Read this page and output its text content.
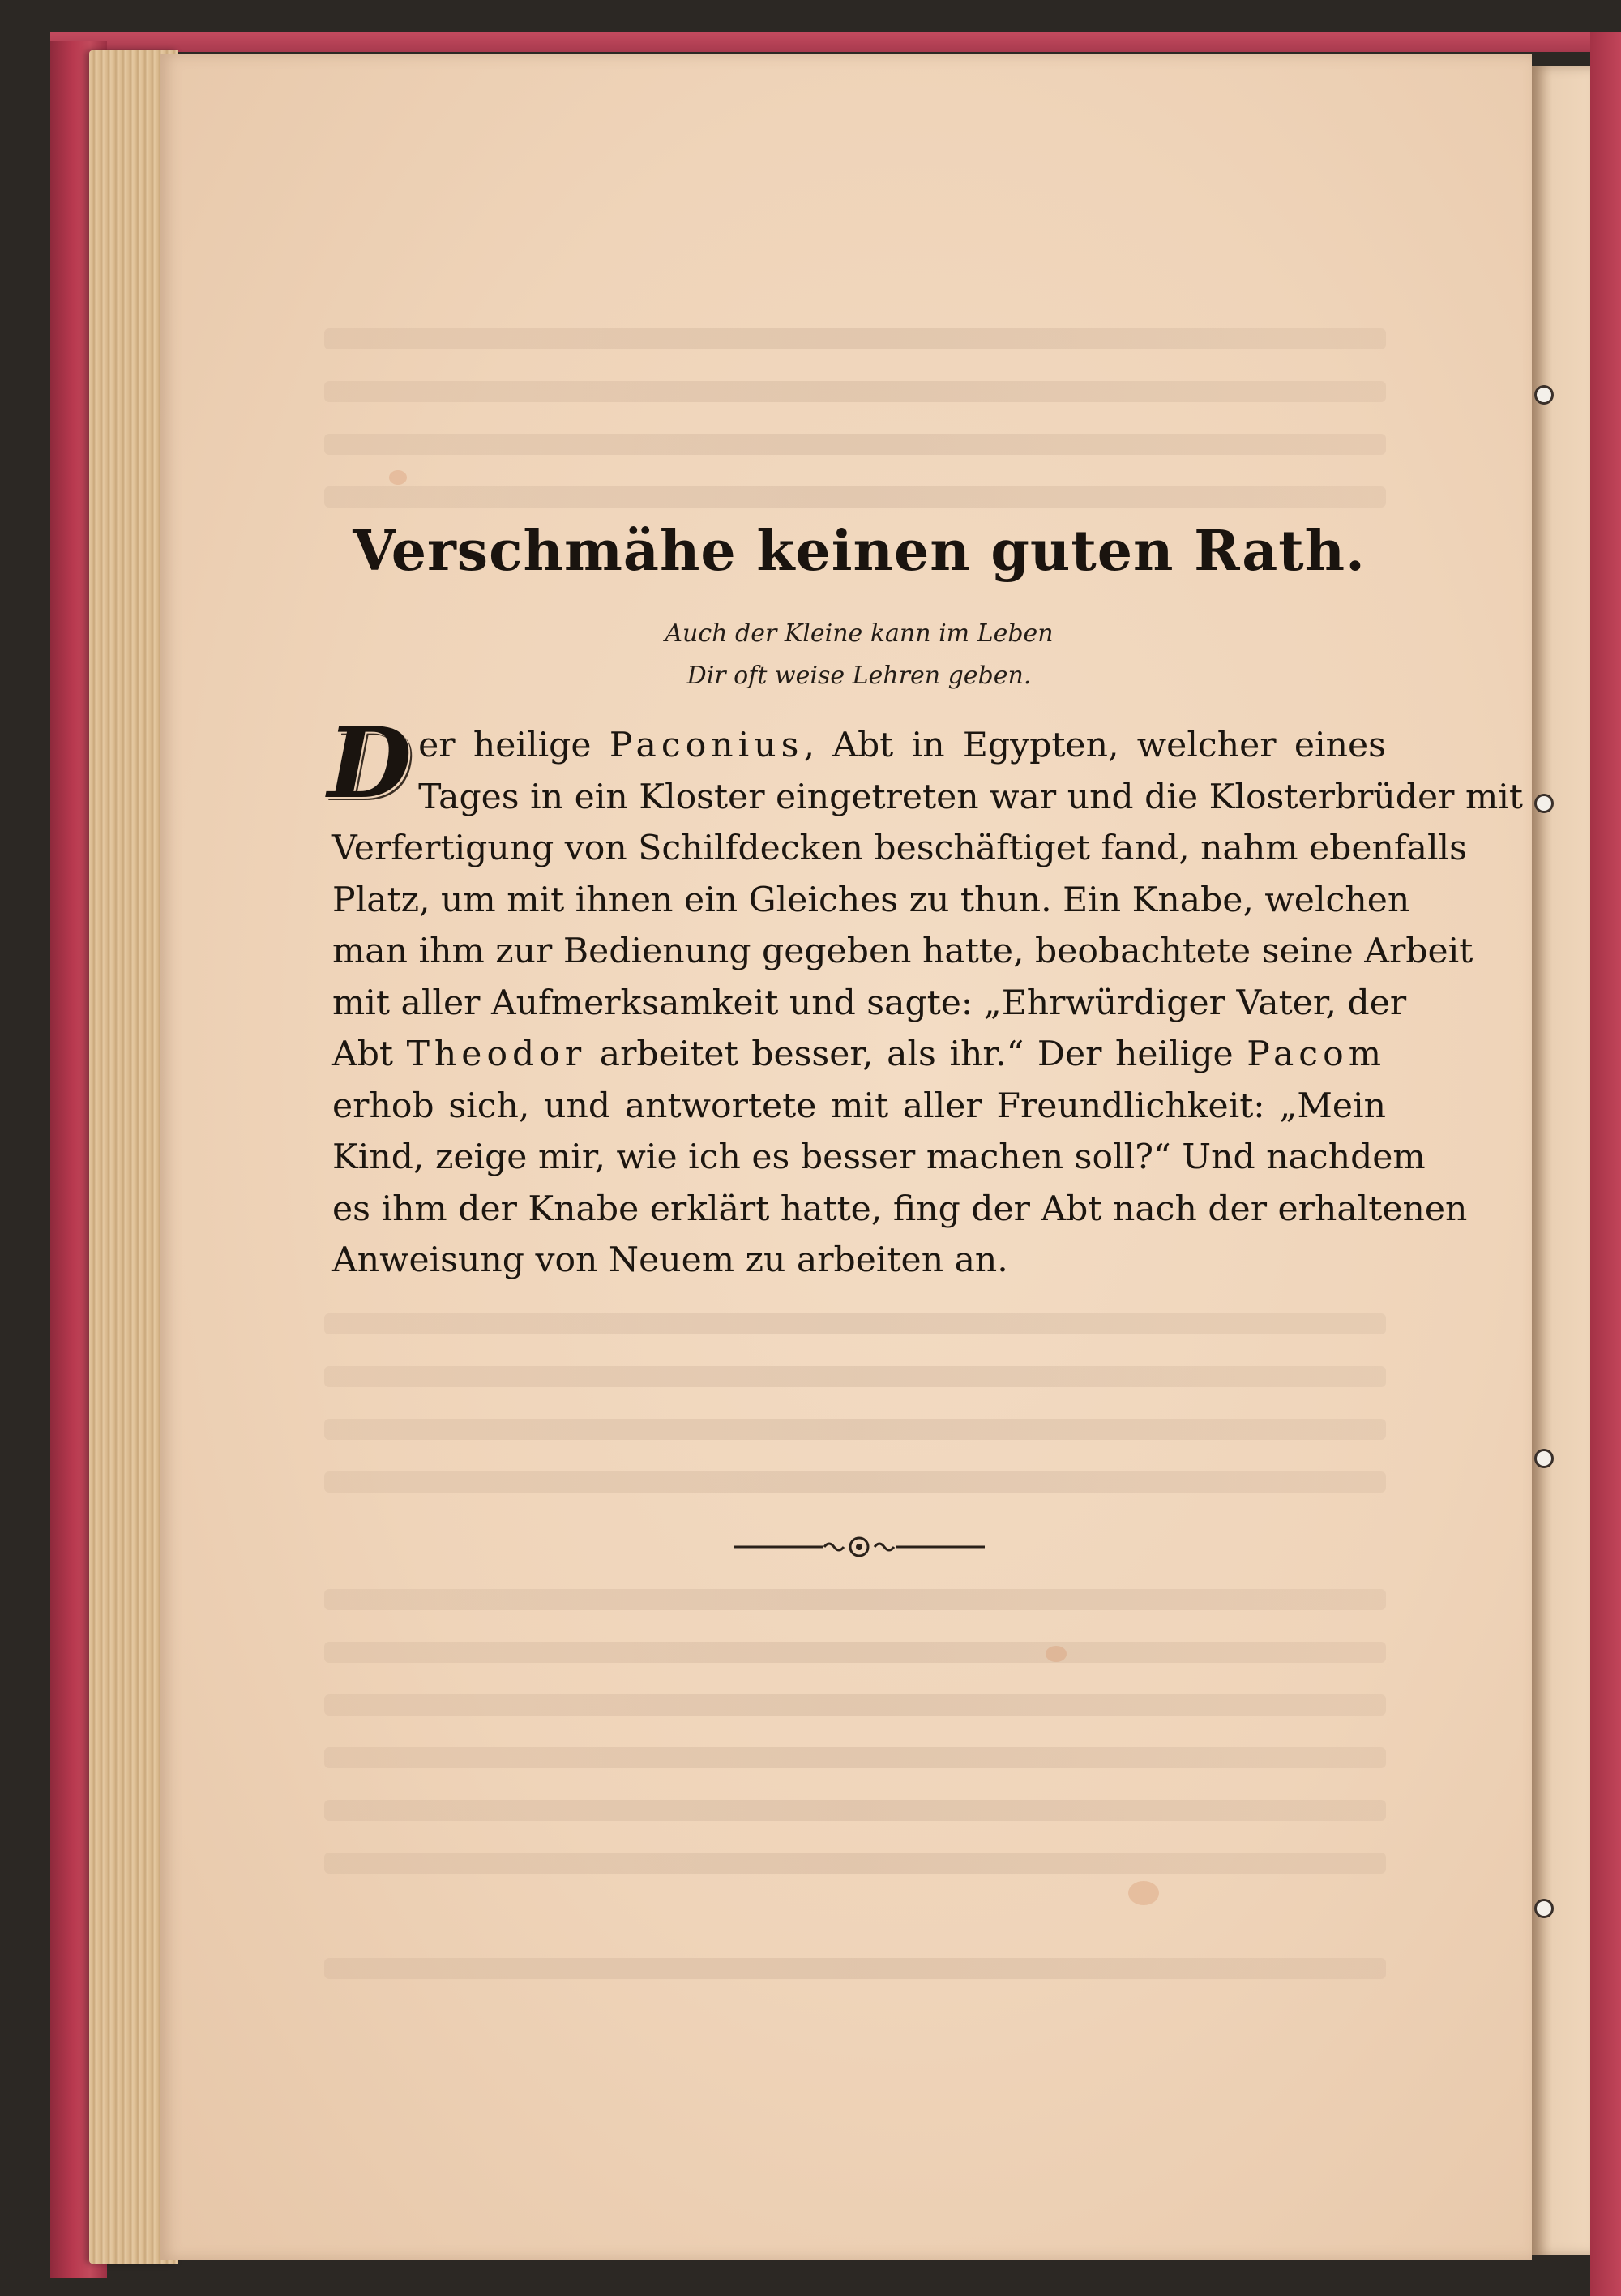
Verschmähe keinen guten Rath.
Auch der Kleine kann im Leben
Dir oft weise Lehren geben.
D er heilige Paconius, Abt in Egypten, welcher eines
Tages in ein Kloster eingetreten war und die Klosterbrüder mit
Verfertigung von Schilfdecken beschäftiget fand, nahm ebenfalls
Platz, um mit ihnen ein Gleiches zu thun. Ein Knabe, welchen
man ihm zur Bedienung gegeben hatte, beobachtete seine Arbeit
mit aller Aufmerksamkeit und sagte: „Ehrwürdiger Vater, der
Abt Theodor arbeitet besser, als ihr.“ Der heilige Pacom
erhob sich, und antwortete mit aller Freundlichkeit: „Mein
Kind, zeige mir, wie ich es besser machen soll?“ Und nachdem
es ihm der Knabe erklärt hatte, fing der Abt nach der erhaltenen
Anweisung von Neuem zu arbeiten an.
